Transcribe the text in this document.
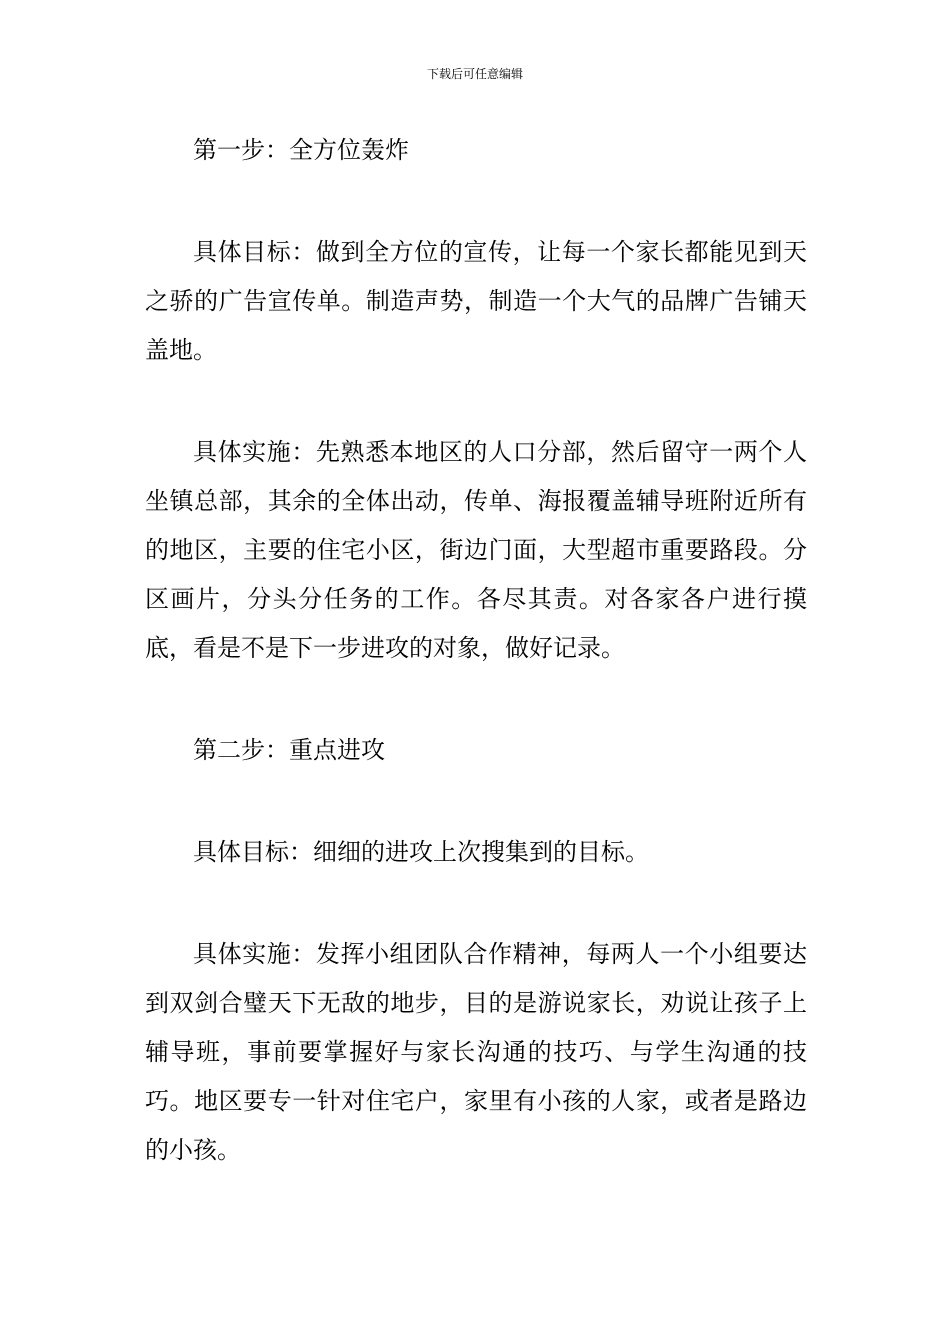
下载后可任意编辑

第一步：全方位轰炸

具体目标：做到全方位的宣传，让每一个家长都能见到天之骄的广告宣传单。制造声势，制造一个大气的品牌广告铺天盖地。

具体实施：先熟悉本地区的人口分部，然后留守一两个人坐镇总部，其余的全体出动，传单、海报覆盖辅导班附近所有的地区，主要的住宅小区，街边门面，大型超市重要路段。分区画片，分头分任务的工作。各尽其责。对各家各户进行摸底，看是不是下一步进攻的对象，做好记录。

第二步：重点进攻

具体目标：细细的进攻上次搜集到的目标。

具体实施：发挥小组团队合作精神，每两人一个小组要达到双剑合璧天下无敌的地步，目的是游说家长，劝说让孩子上辅导班，事前要掌握好与家长沟通的技巧、与学生沟通的技巧。地区要专一针对住宅户，家里有小孩的人家，或者是路边的小孩。
